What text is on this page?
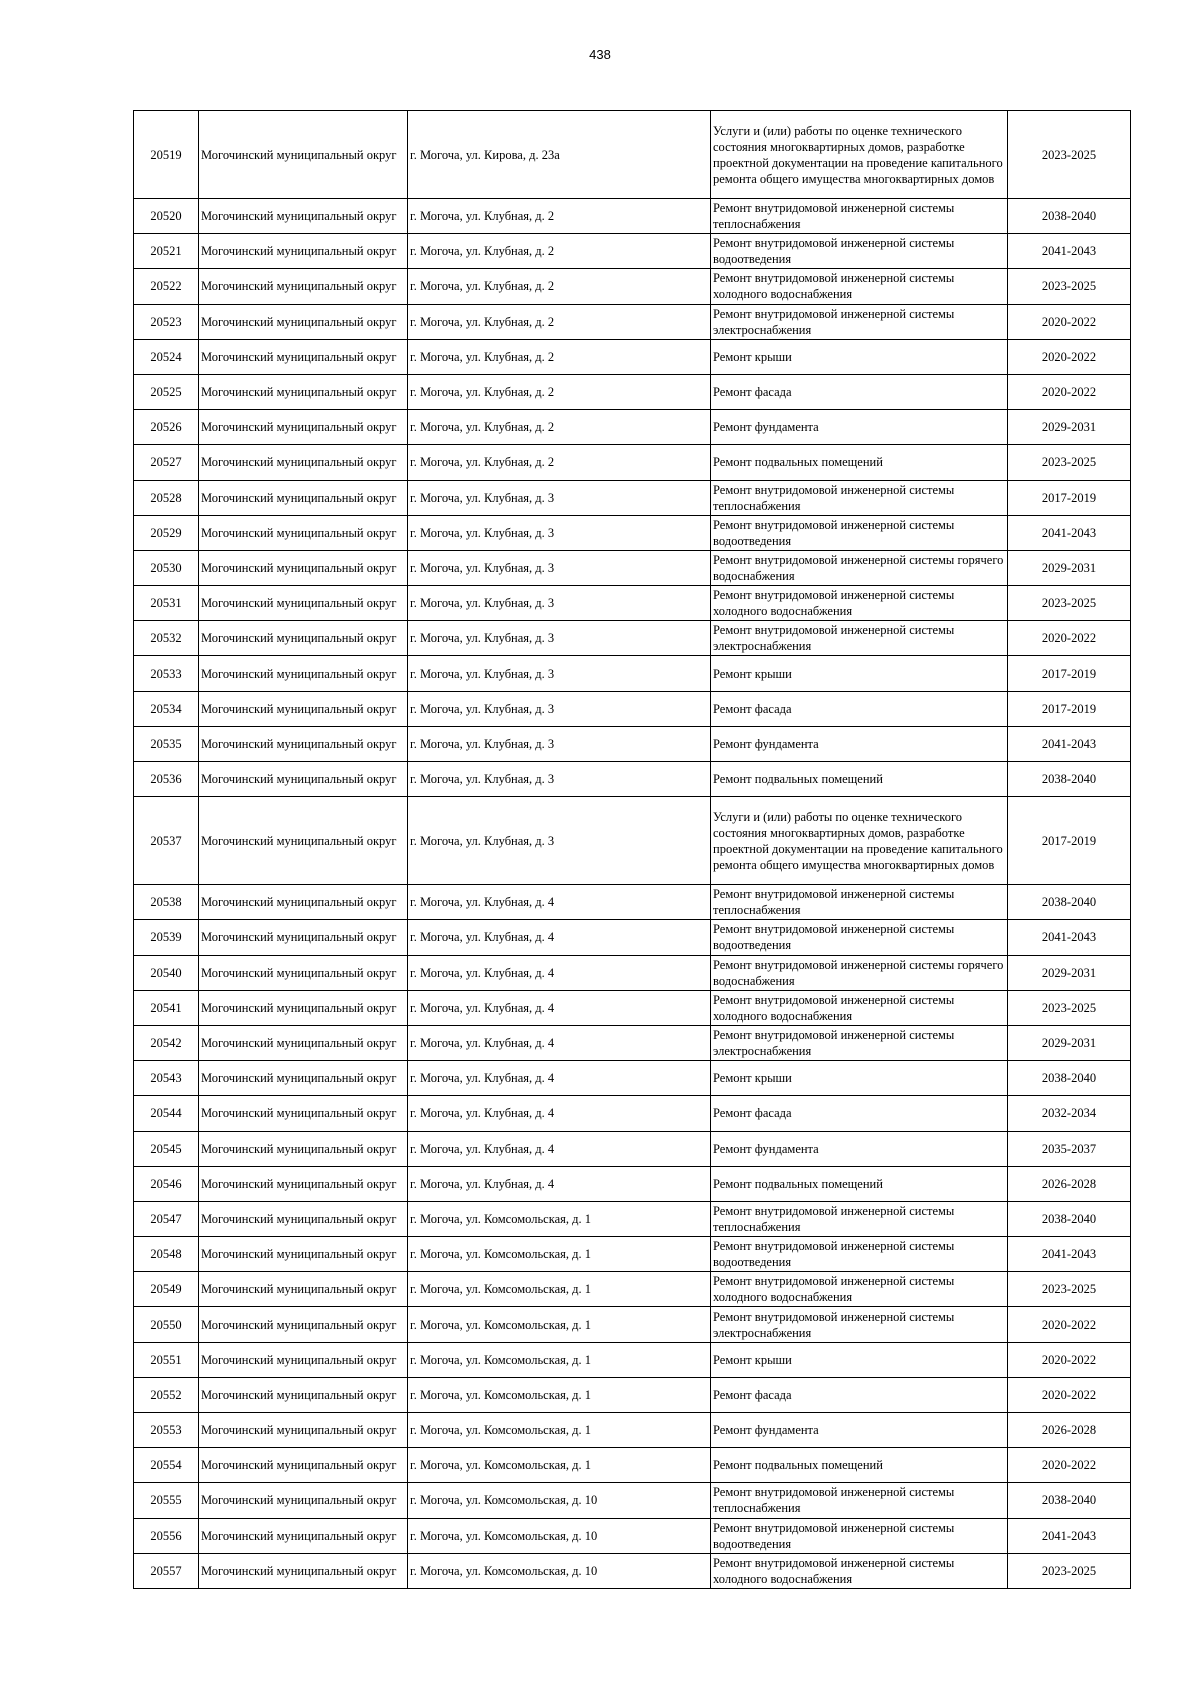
438
20519	Могочинский муниципальный округ	г. Могоча, ул. Кирова, д. 23а	Услуги и (или) работы по оценке технического состояния многоквартирных домов, разработке проектной документации на проведение капитального ремонта общего имущества многоквартирных домов	2023-2025
20520	Могочинский муниципальный округ	г. Могоча, ул. Клубная, д. 2	Ремонт внутридомовой инженерной системы теплоснабжения	2038-2040
20521	Могочинский муниципальный округ	г. Могоча, ул. Клубная, д. 2	Ремонт внутридомовой инженерной системы водоотведения	2041-2043
20522	Могочинский муниципальный округ	г. Могоча, ул. Клубная, д. 2	Ремонт внутридомовой инженерной системы холодного водоснабжения	2023-2025
20523	Могочинский муниципальный округ	г. Могоча, ул. Клубная, д. 2	Ремонт внутридомовой инженерной системы электроснабжения	2020-2022
20524	Могочинский муниципальный округ	г. Могоча, ул. Клубная, д. 2	Ремонт крыши	2020-2022
20525	Могочинский муниципальный округ	г. Могоча, ул. Клубная, д. 2	Ремонт фасада	2020-2022
20526	Могочинский муниципальный округ	г. Могоча, ул. Клубная, д. 2	Ремонт фундамента	2029-2031
20527	Могочинский муниципальный округ	г. Могоча, ул. Клубная, д. 2	Ремонт подвальных помещений	2023-2025
20528	Могочинский муниципальный округ	г. Могоча, ул. Клубная, д. 3	Ремонт внутридомовой инженерной системы теплоснабжения	2017-2019
20529	Могочинский муниципальный округ	г. Могоча, ул. Клубная, д. 3	Ремонт внутридомовой инженерной системы водоотведения	2041-2043
20530	Могочинский муниципальный округ	г. Могоча, ул. Клубная, д. 3	Ремонт внутридомовой инженерной системы горячего водоснабжения	2029-2031
20531	Могочинский муниципальный округ	г. Могоча, ул. Клубная, д. 3	Ремонт внутридомовой инженерной системы холодного водоснабжения	2023-2025
20532	Могочинский муниципальный округ	г. Могоча, ул. Клубная, д. 3	Ремонт внутридомовой инженерной системы электроснабжения	2020-2022
20533	Могочинский муниципальный округ	г. Могоча, ул. Клубная, д. 3	Ремонт крыши	2017-2019
20534	Могочинский муниципальный округ	г. Могоча, ул. Клубная, д. 3	Ремонт фасада	2017-2019
20535	Могочинский муниципальный округ	г. Могоча, ул. Клубная, д. 3	Ремонт фундамента	2041-2043
20536	Могочинский муниципальный округ	г. Могоча, ул. Клубная, д. 3	Ремонт подвальных помещений	2038-2040
20537	Могочинский муниципальный округ	г. Могоча, ул. Клубная, д. 3	Услуги и (или) работы по оценке технического состояния многоквартирных домов, разработке проектной документации на проведение капитального ремонта общего имущества многоквартирных домов	2017-2019
20538	Могочинский муниципальный округ	г. Могоча, ул. Клубная, д. 4	Ремонт внутридомовой инженерной системы теплоснабжения	2038-2040
20539	Могочинский муниципальный округ	г. Могоча, ул. Клубная, д. 4	Ремонт внутридомовой инженерной системы водоотведения	2041-2043
20540	Могочинский муниципальный округ	г. Могоча, ул. Клубная, д. 4	Ремонт внутридомовой инженерной системы горячего водоснабжения	2029-2031
20541	Могочинский муниципальный округ	г. Могоча, ул. Клубная, д. 4	Ремонт внутридомовой инженерной системы холодного водоснабжения	2023-2025
20542	Могочинский муниципальный округ	г. Могоча, ул. Клубная, д. 4	Ремонт внутридомовой инженерной системы электроснабжения	2029-2031
20543	Могочинский муниципальный округ	г. Могоча, ул. Клубная, д. 4	Ремонт крыши	2038-2040
20544	Могочинский муниципальный округ	г. Могоча, ул. Клубная, д. 4	Ремонт фасада	2032-2034
20545	Могочинский муниципальный округ	г. Могоча, ул. Клубная, д. 4	Ремонт фундамента	2035-2037
20546	Могочинский муниципальный округ	г. Могоча, ул. Клубная, д. 4	Ремонт подвальных помещений	2026-2028
20547	Могочинский муниципальный округ	г. Могоча, ул. Комсомольская, д. 1	Ремонт внутридомовой инженерной системы теплоснабжения	2038-2040
20548	Могочинский муниципальный округ	г. Могоча, ул. Комсомольская, д. 1	Ремонт внутридомовой инженерной системы водоотведения	2041-2043
20549	Могочинский муниципальный округ	г. Могоча, ул. Комсомольская, д. 1	Ремонт внутридомовой инженерной системы холодного водоснабжения	2023-2025
20550	Могочинский муниципальный округ	г. Могоча, ул. Комсомольская, д. 1	Ремонт внутридомовой инженерной системы электроснабжения	2020-2022
20551	Могочинский муниципальный округ	г. Могоча, ул. Комсомольская, д. 1	Ремонт крыши	2020-2022
20552	Могочинский муниципальный округ	г. Могоча, ул. Комсомольская, д. 1	Ремонт фасада	2020-2022
20553	Могочинский муниципальный округ	г. Могоча, ул. Комсомольская, д. 1	Ремонт фундамента	2026-2028
20554	Могочинский муниципальный округ	г. Могоча, ул. Комсомольская, д. 1	Ремонт подвальных помещений	2020-2022
20555	Могочинский муниципальный округ	г. Могоча, ул. Комсомольская, д. 10	Ремонт внутридомовой инженерной системы теплоснабжения	2038-2040
20556	Могочинский муниципальный округ	г. Могоча, ул. Комсомольская, д. 10	Ремонт внутридомовой инженерной системы водоотведения	2041-2043
20557	Могочинский муниципальный округ	г. Могоча, ул. Комсомольская, д. 10	Ремонт внутридомовой инженерной системы холодного водоснабжения	2023-2025
